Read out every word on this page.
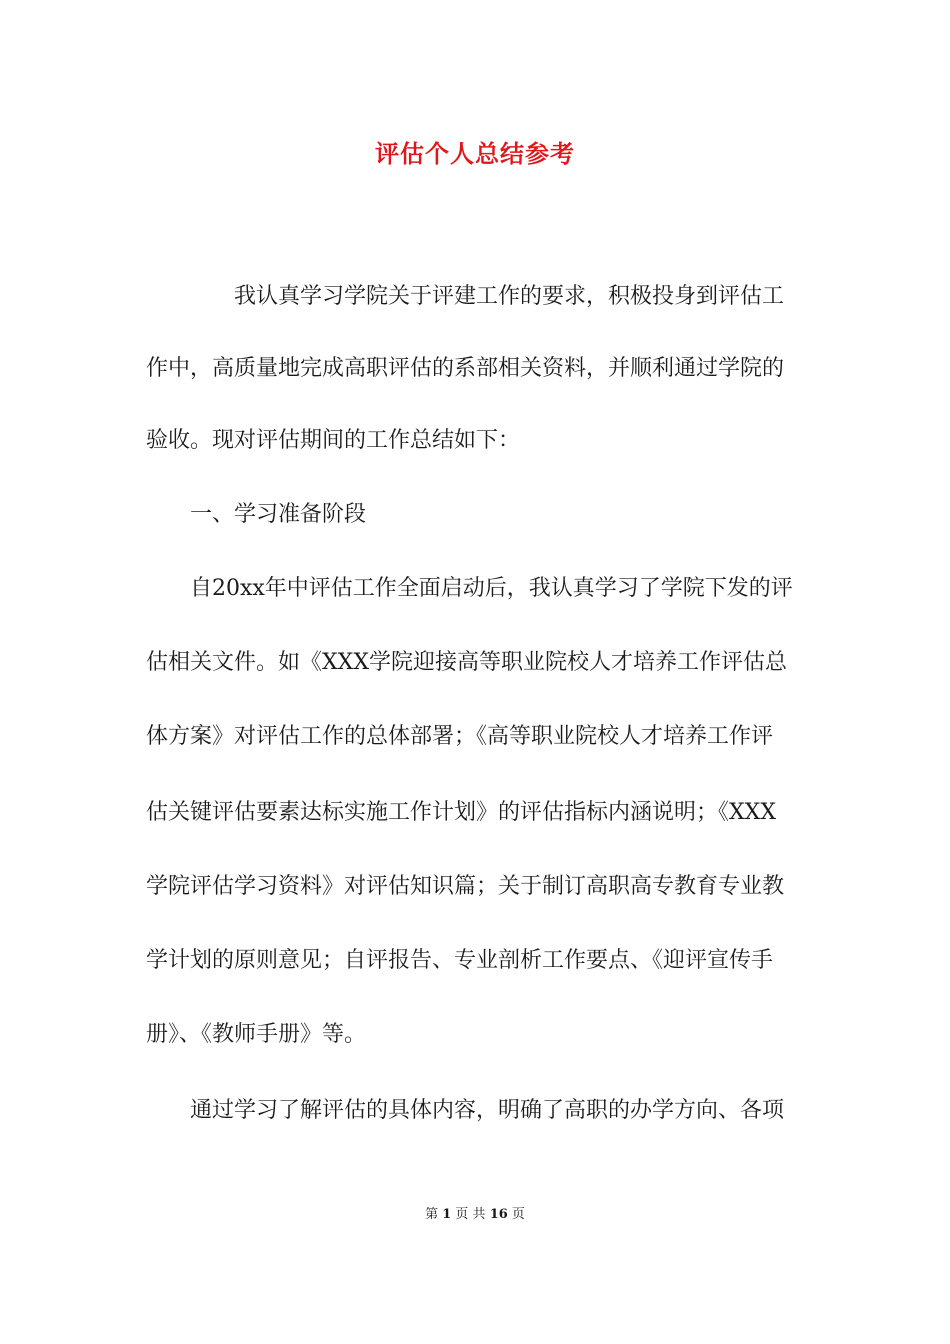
评估个人总结参考
我认真学习学院关于评建工作的要求，积极投身到评估工
作中，高质量地完成高职评估的系部相关资料，并顺利通过学院的
验收。现对评估期间的工作总结如下：
一、学习准备阶段
自20xx年中评估工作全面启动后，我认真学习了学院下发的评
估相关文件。如《XXX学院迎接高等职业院校人才培养工作评估总
体方案》对评估工作的总体部署；《高等职业院校人才培养工作评
估关键评估要素达标实施工作计划》的评估指标内涵说明；《XXX
学院评估学习资料》对评估知识篇；关于制订高职高专教育专业教
学计划的原则意见；自评报告、专业剖析工作要点、《迎评宣传手
册》、《教师手册》等。
通过学习了解评估的具体内容，明确了高职的办学方向、各项
第 1 页 共 16 页
